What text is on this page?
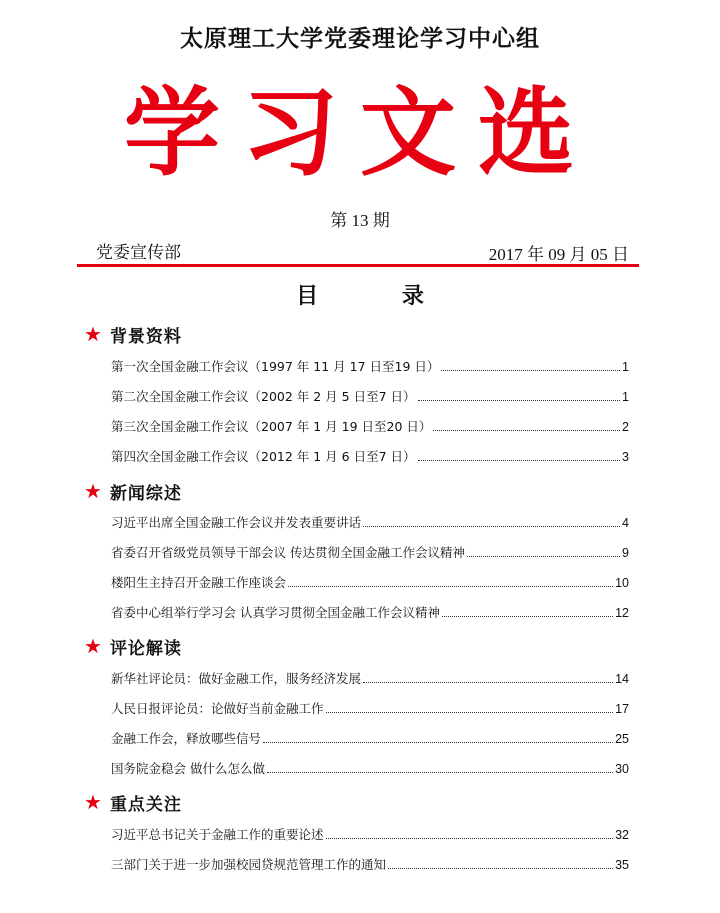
太原理工大学党委理论学习中心组
学习文选
第 13 期
党委宣传部	2017 年 09 月 05 日
目 录
★ 背景资料
第一次全国金融工作会议（1997 年 11 月 17 日至19 日）	1
第二次全国金融工作会议（2002 年 2 月 5 日至7 日）	1
第三次全国金融工作会议（2007 年 1 月 19 日至20 日）	2
第四次全国金融工作会议（2012 年 1 月 6 日至7 日）	3
★ 新闻综述
习近平出席全国金融工作会议并发表重要讲话	4
省委召开省级党员领导干部会议 传达贯彻全国金融工作会议精神	9
楼阳生主持召开金融工作座谈会	10
省委中心组举行学习会 认真学习贯彻全国金融工作会议精神	12
★ 评论解读
新华社评论员：做好金融工作，服务经济发展	14
人民日报评论员：论做好当前金融工作	17
金融工作会，释放哪些信号	25
国务院金稳会 做什么怎么做	30
★ 重点关注
习近平总书记关于金融工作的重要论述	32
三部门关于进一步加强校园贷规范管理工作的通知	35
